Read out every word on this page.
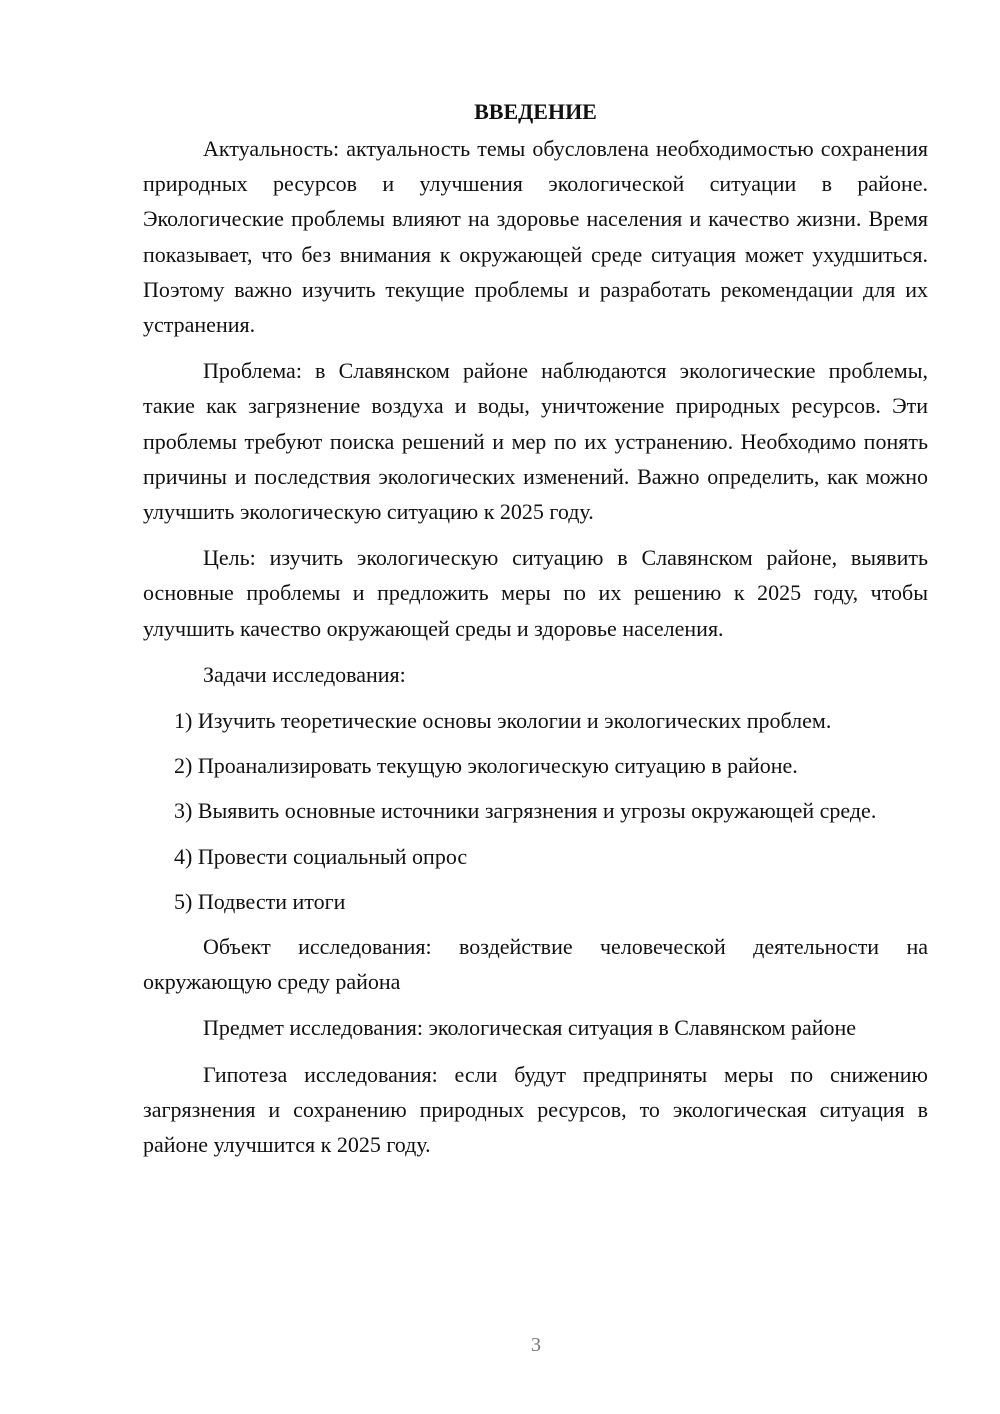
ВВЕДЕНИЕ

Актуальность: актуальность темы обусловлена необходимостью сохранения природных ресурсов и улучшения экологической ситуации в районе. Экологические проблемы влияют на здоровье населения и качество жизни. Время показывает, что без внимания к окружающей среде ситуация может ухудшиться. Поэтому важно изучить текущие проблемы и разработать рекомендации для их устранения.

Проблема: в Славянском районе наблюдаются экологические проблемы, такие как загрязнение воздуха и воды, уничтожение природных ресурсов. Эти проблемы требуют поиска решений и мер по их устранению. Необходимо понять причины и последствия экологических изменений. Важно определить, как можно улучшить экологическую ситуацию к 2025 году.

Цель: изучить экологическую ситуацию в Славянском районе, выявить основные проблемы и предложить меры по их решению к 2025 году, чтобы улучшить качество окружающей среды и здоровье населения.

Задачи исследования:

1) Изучить теоретические основы экологии и экологических проблем.

2) Проанализировать текущую экологическую ситуацию в районе.

3) Выявить основные источники загрязнения и угрозы окружающей среде.

4) Провести социальный опрос

5) Подвести итоги

Объект исследования: воздействие человеческой деятельности на окружающую среду района

Предмет исследования: экологическая ситуация в Славянском районе

Гипотеза исследования: если будут предприняты меры по снижению загрязнения и сохранению природных ресурсов, то экологическая ситуация в районе улучшится к 2025 году.

3
